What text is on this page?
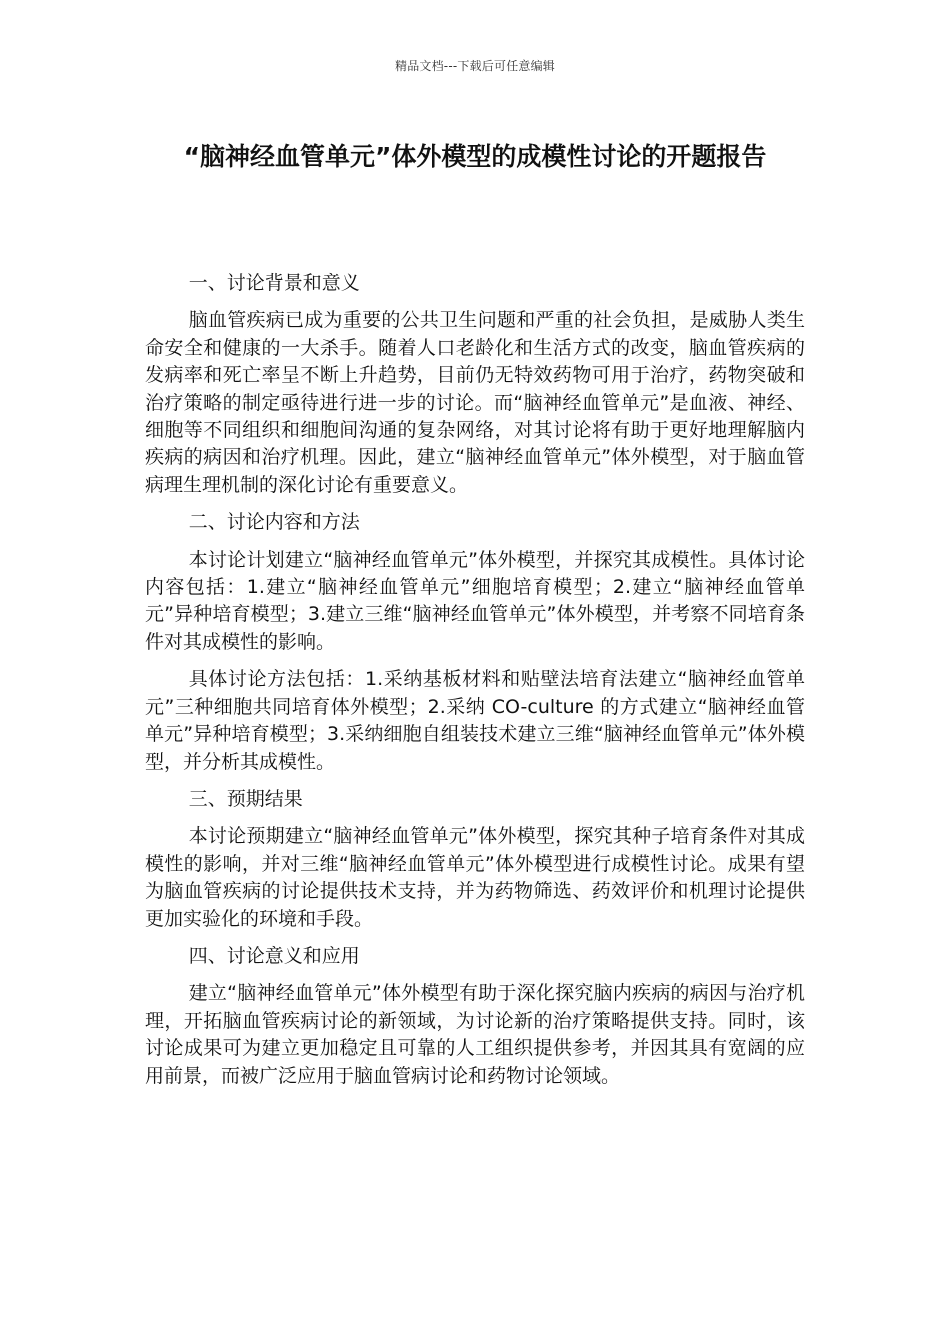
精品文档---下载后可任意编辑
“脑神经血管单元”体外模型的成模性讨论的开题报告

一、讨论背景和意义

脑血管疾病已成为重要的公共卫生问题和严重的社会负担，是威胁人类生命安全和健康的一大杀手。随着人口老龄化和生活方式的改变，脑血管疾病的发病率和死亡率呈不断上升趋势，目前仍无特效药物可用于治疗，药物突破和治疗策略的制定亟待进行进一步的讨论。而“脑神经血管单元”是血液、神经、细胞等不同组织和细胞间沟通的复杂网络，对其讨论将有助于更好地理解脑内疾病的病因和治疗机理。因此，建立“脑神经血管单元”体外模型，对于脑血管病理生理机制的深化讨论有重要意义。

二、讨论内容和方法

本讨论计划建立“脑神经血管单元”体外模型，并探究其成模性。具体讨论内容包括：1.建立“脑神经血管单元”细胞培育模型；2.建立“脑神经血管单元”异种培育模型；3.建立三维“脑神经血管单元”体外模型，并考察不同培育条件对其成模性的影响。

具体讨论方法包括：1.采纳基板材料和贴壁法培育法建立“脑神经血管单元”三种细胞共同培育体外模型；2.采纳 CO-culture 的方式建立“脑神经血管单元”异种培育模型；3.采纳细胞自组装技术建立三维“脑神经血管单元”体外模型，并分析其成模性。

三、预期结果

本讨论预期建立“脑神经血管单元”体外模型，探究其种子培育条件对其成模性的影响，并对三维“脑神经血管单元”体外模型进行成模性讨论。成果有望为脑血管疾病的讨论提供技术支持，并为药物筛选、药效评价和机理讨论提供更加实验化的环境和手段。

四、讨论意义和应用

建立“脑神经血管单元”体外模型有助于深化探究脑内疾病的病因与治疗机理，开拓脑血管疾病讨论的新领域，为讨论新的治疗策略提供支持。同时，该讨论成果可为建立更加稳定且可靠的人工组织提供参考，并因其具有宽阔的应用前景，而被广泛应用于脑血管病讨论和药物讨论领域。
